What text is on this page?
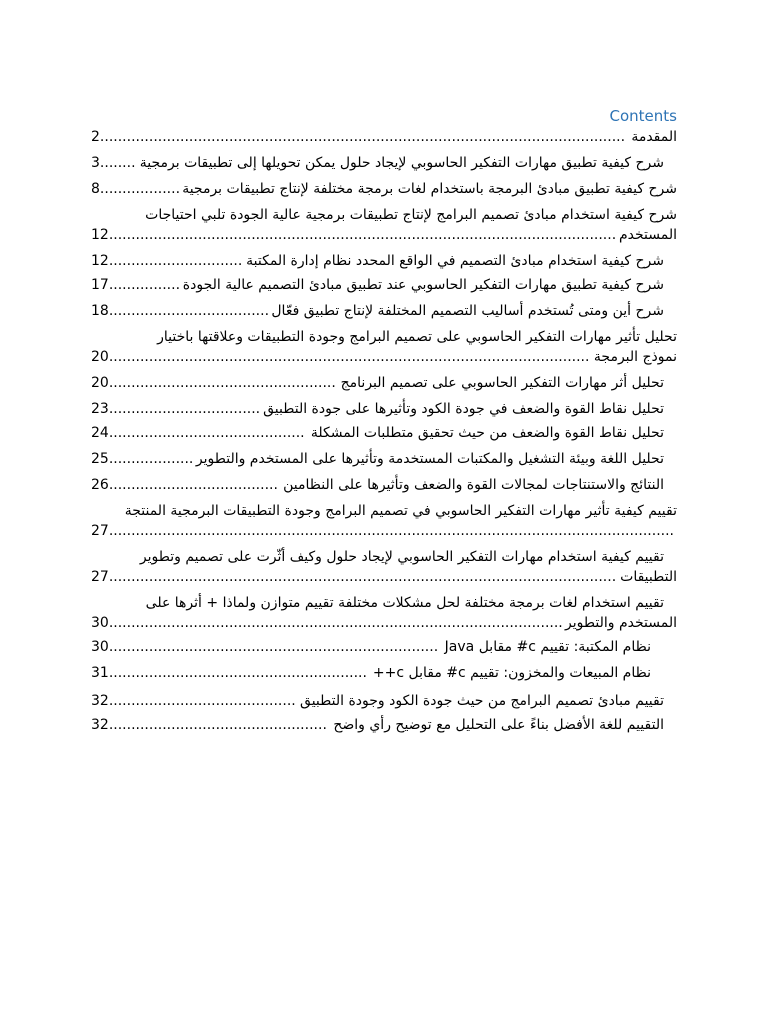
Contents
المقدمة
2 ......................................................................................................................
شرح كيفية تطبيق مهارات التفكير الحاسوبي لإيجاد حلول يمكن تحويلها إلى تطبيقات برمجية
3 ........
شرح كيفية تطبيق مبادئ البرمجة باستخدام لغات برمجة مختلفة لإنتاج تطبيقات برمجية
8 ..................
شرح كيفية استخدام مبادئ تصميم البرامج لإنتاج تطبيقات برمجية عالية الجودة تلبي احتياجات
المستخدم
12 ..................................................................................................................
شرح كيفية استخدام مبادئ التصميم في الواقع المحدد نظام إدارة المكتبة
12 ..............................
شرح كيفية تطبيق مهارات التفكير الحاسوبي عند تطبيق مبادئ التصميم عالية الجودة
17 ................
شرح أين ومتى تُستخدم أساليب التصميم المختلفة لإنتاج تطبيق فعّال
18 ....................................
تحليل تأثير مهارات التفكير الحاسوبي على تصميم البرامج وجودة التطبيقات وعلاقتها باختيار
نموذج البرمجة
20 ............................................................................................................
تحليل أثر مهارات التفكير الحاسوبي على تصميم البرنامج
20 ...................................................
تحليل نقاط القوة والضعف في جودة الكود وتأثيرها على جودة التطبيق
23 ..................................
تحليل نقاط القوة والضعف من حيث تحقيق متطلبات المشكلة
24 ............................................
تحليل اللغة وبيئة التشغيل والمكتبات المستخدمة وتأثيرها على المستخدم والتطوير
25 ...................
النتائج والاستنتاجات لمجالات القوة والضعف وتأثيرها على النظامين
26 ......................................
تقييم كيفية تأثير مهارات التفكير الحاسوبي في تصميم البرامج وجودة التطبيقات البرمجية المنتجة
27
تقييم كيفية استخدام مهارات التفكير الحاسوبي لإيجاد حلول وكيف أثّرت على تصميم وتطوير
التطبيقات
27 ..................................................................................................................
تقييم استخدام لغات برمجة مختلفة لحل مشكلات مختلفة تقييم متوازن ولماذا + أثرها على
المستخدم والتطوير
30 ......................................................................................................
نظام المكتبة: تقييم c# مقابل Java
30 ..........................................................................
نظام المبيعات والمخزون: تقييم c# مقابل c++
31 ..........................................................
تقييم مبادئ تصميم البرامج من حيث جودة الكود وجودة التطبيق
32 ..........................................
التقييم للغة الأفضل بناءً على التحليل مع توضيح رأي واضح
32 .................................................
...............................................................................................................................
